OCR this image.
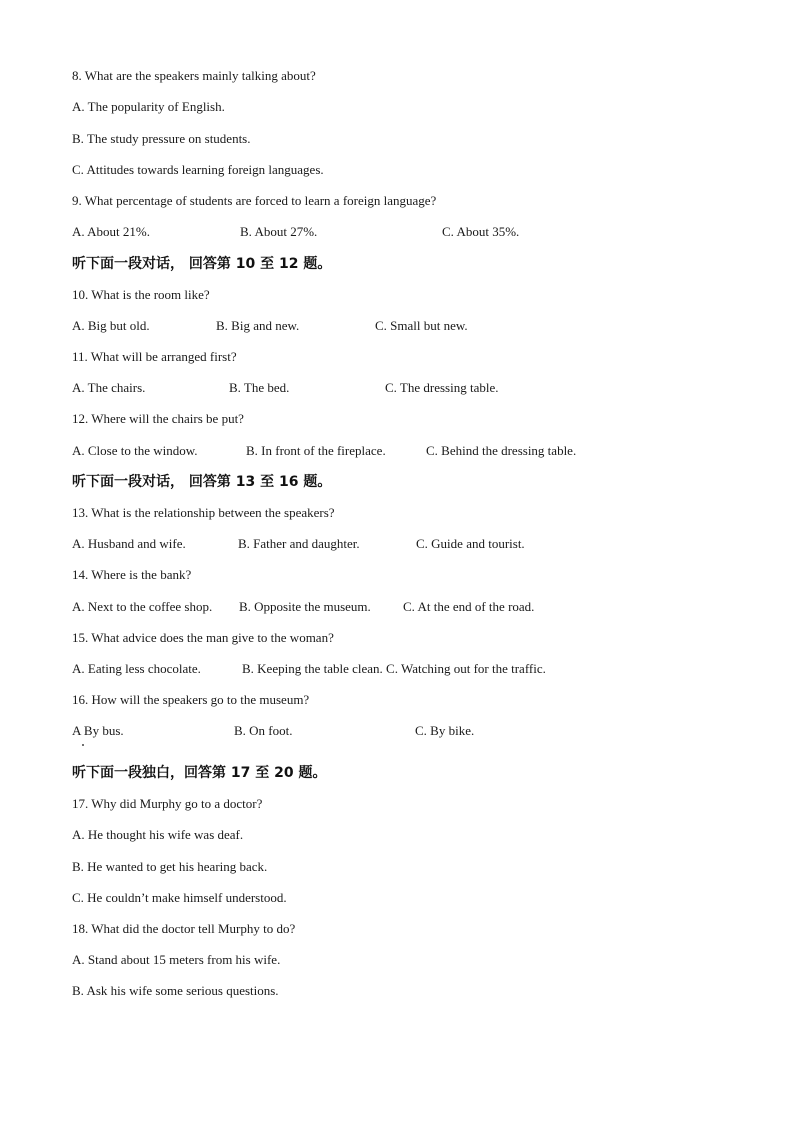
8. What are the speakers mainly talking about?
A. The popularity of English.
B. The study pressure on students.
C. Attitudes towards learning foreign languages.
9. What percentage of students are forced to learn a foreign language?
A. About 21%.	B. About 27%.	C. About 35%.
听下面一段对话， 回答第 10 至 12 题。
10. What is the room like?
A. Big but old.	B. Big and new.	C. Small but new.
11. What will be arranged first?
A. The chairs.	B. The bed.	C. The dressing table.
12. Where will the chairs be put?
A. Close to the window.	B. In front of the fireplace.	C. Behind the dressing table.
听下面一段对话， 回答第 13 至 16 题。
13. What is the relationship between the speakers?
A. Husband and wife.	B. Father and daughter.	C. Guide and tourist.
14. Where is the bank?
A. Next to the coffee shop. B. Opposite the museum. C. At the end of the road.
15. What advice does the man give to the woman?
A. Eating less chocolate.	B. Keeping the table clean. C. Watching out for the traffic.
16. How will the speakers go to the museum?
A By bus.	B. On foot.	C. By bike.
听下面一段独白，回答第 17 至 20 题。
17. Why did Murphy go to a doctor?
A. He thought his wife was deaf.
B. He wanted to get his hearing back.
C. He couldn’t make himself understood.
18. What did the doctor tell Murphy to do?
A. Stand about 15 meters from his wife.
B. Ask his wife some serious questions.
